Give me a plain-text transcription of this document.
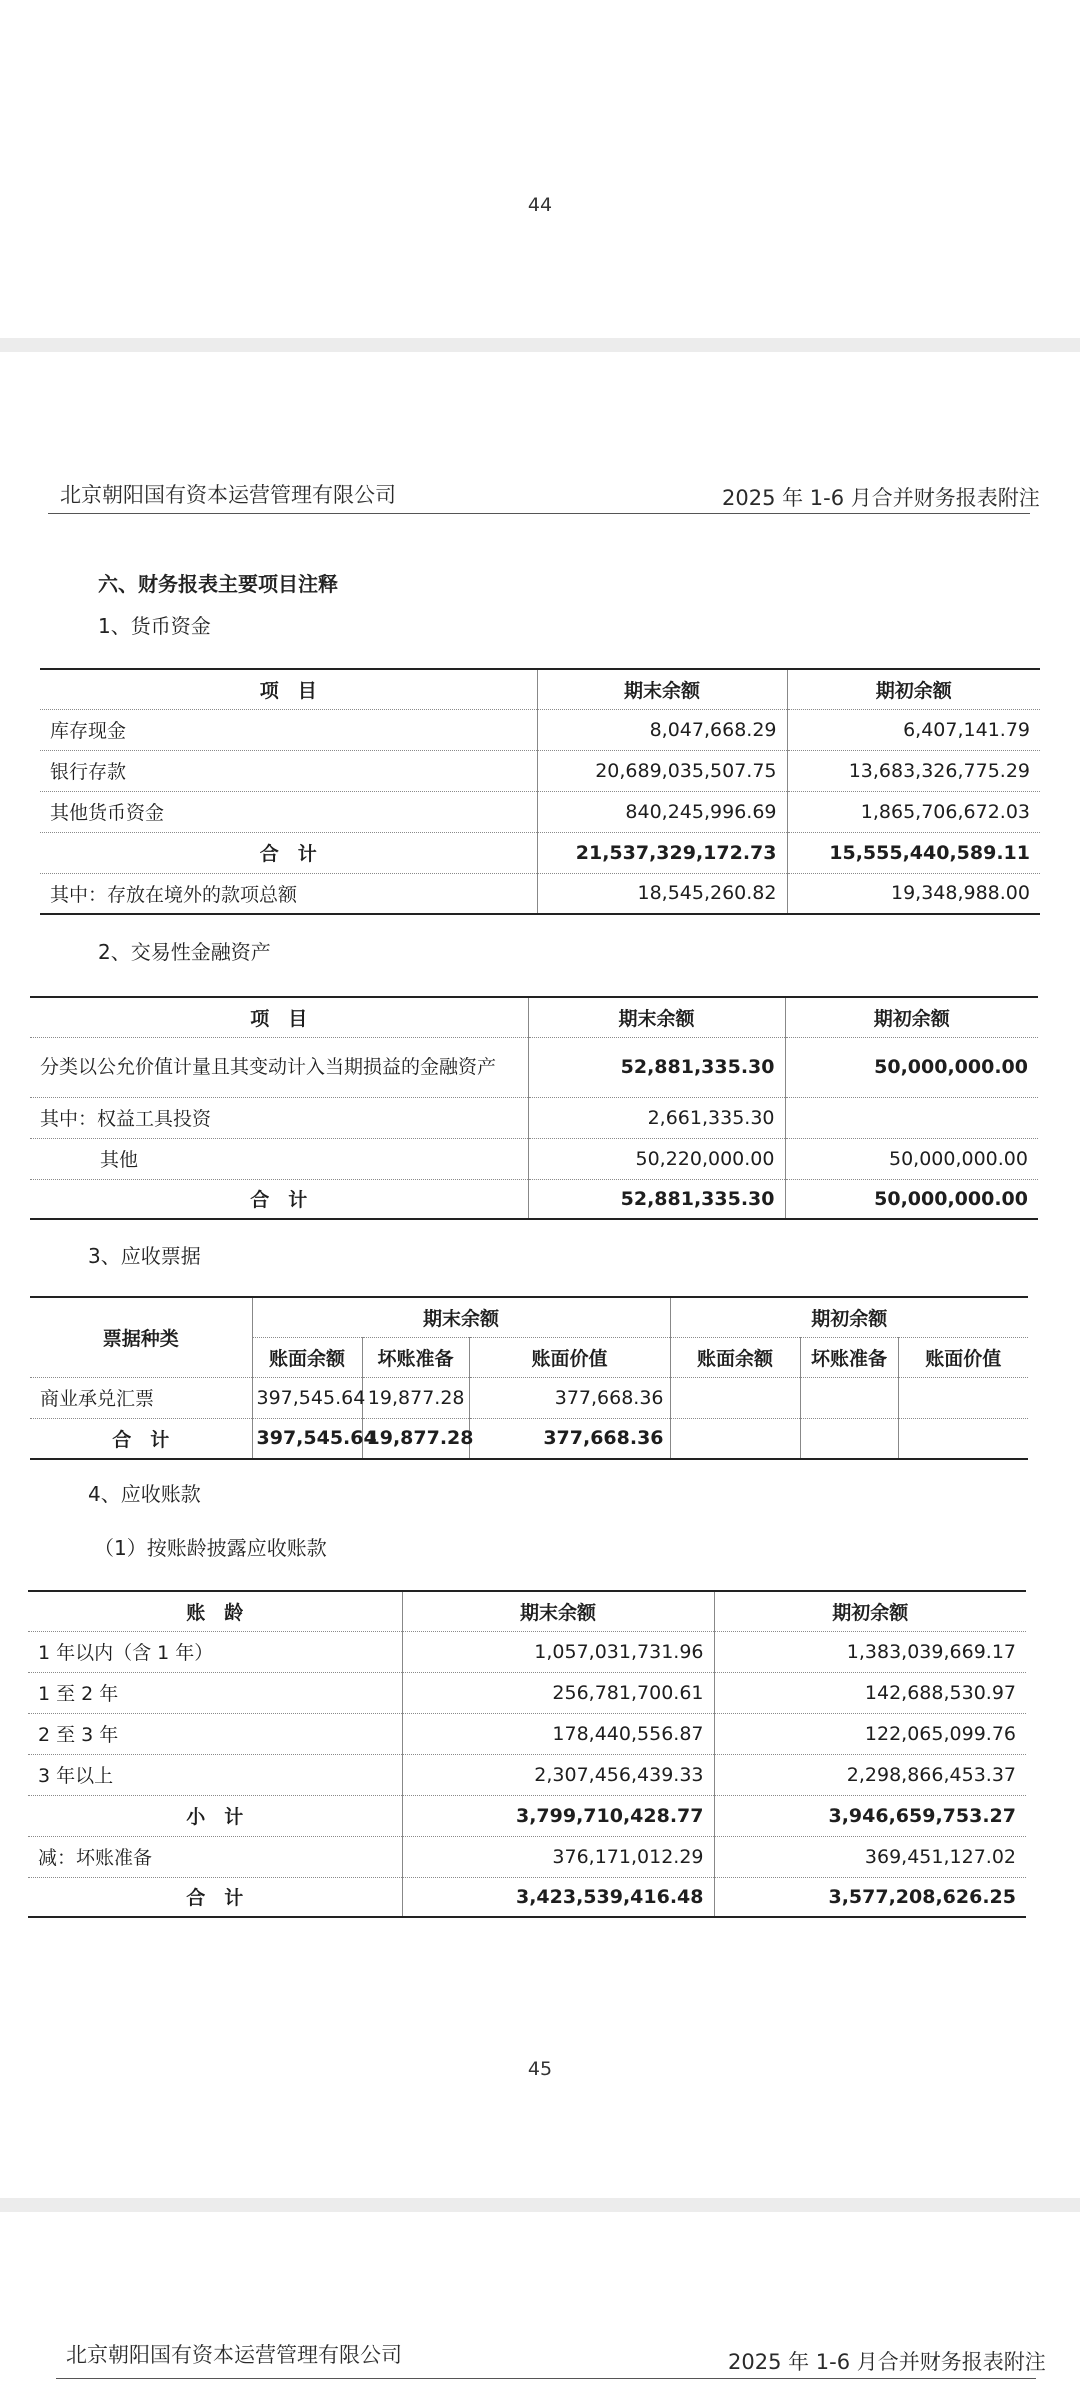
44
北京朝阳国有资本运营管理有限公司	2025 年 1-6 月合并财务报表附注
六、财务报表主要项目注释
1、货币资金
项　目	期末余额	期初余额
库存现金	8,047,668.29	6,407,141.79
银行存款	20,689,035,507.75	13,683,326,775.29
其他货币资金	840,245,996.69	1,865,706,672.03
合　计	21,537,329,172.73	15,555,440,589.11
其中：存放在境外的款项总额	18,545,260.82	19,348,988.00
2、交易性金融资产
项　目	期末余额	期初余额
分类以公允价值计量且其变动计入当期损益的金融资产	52,881,335.30	50,000,000.00
其中：权益工具投资	2,661,335.30	
其他	50,220,000.00	50,000,000.00
合　计	52,881,335.30	50,000,000.00
3、应收票据
票据种类	期末余额			期初余额		
	账面余额	坏账准备	账面价值	账面余额	坏账准备	账面价值
商业承兑汇票	397,545.64	19,877.28	377,668.36			
合　计	397,545.64	19,877.28	377,668.36			
4、应收账款
（1）按账龄披露应收账款
账　龄	期末余额	期初余额
1 年以内（含 1 年）	1,057,031,731.96	1,383,039,669.17
1 至 2 年	256,781,700.61	142,688,530.97
2 至 3 年	178,440,556.87	122,065,099.76
3 年以上	2,307,456,439.33	2,298,866,453.37
小　计	3,799,710,428.77	3,946,659,753.27
减：坏账准备	376,171,012.29	369,451,127.02
合　计	3,423,539,416.48	3,577,208,626.25
45
北京朝阳国有资本运营管理有限公司	2025 年 1-6 月合并财务报表附注
